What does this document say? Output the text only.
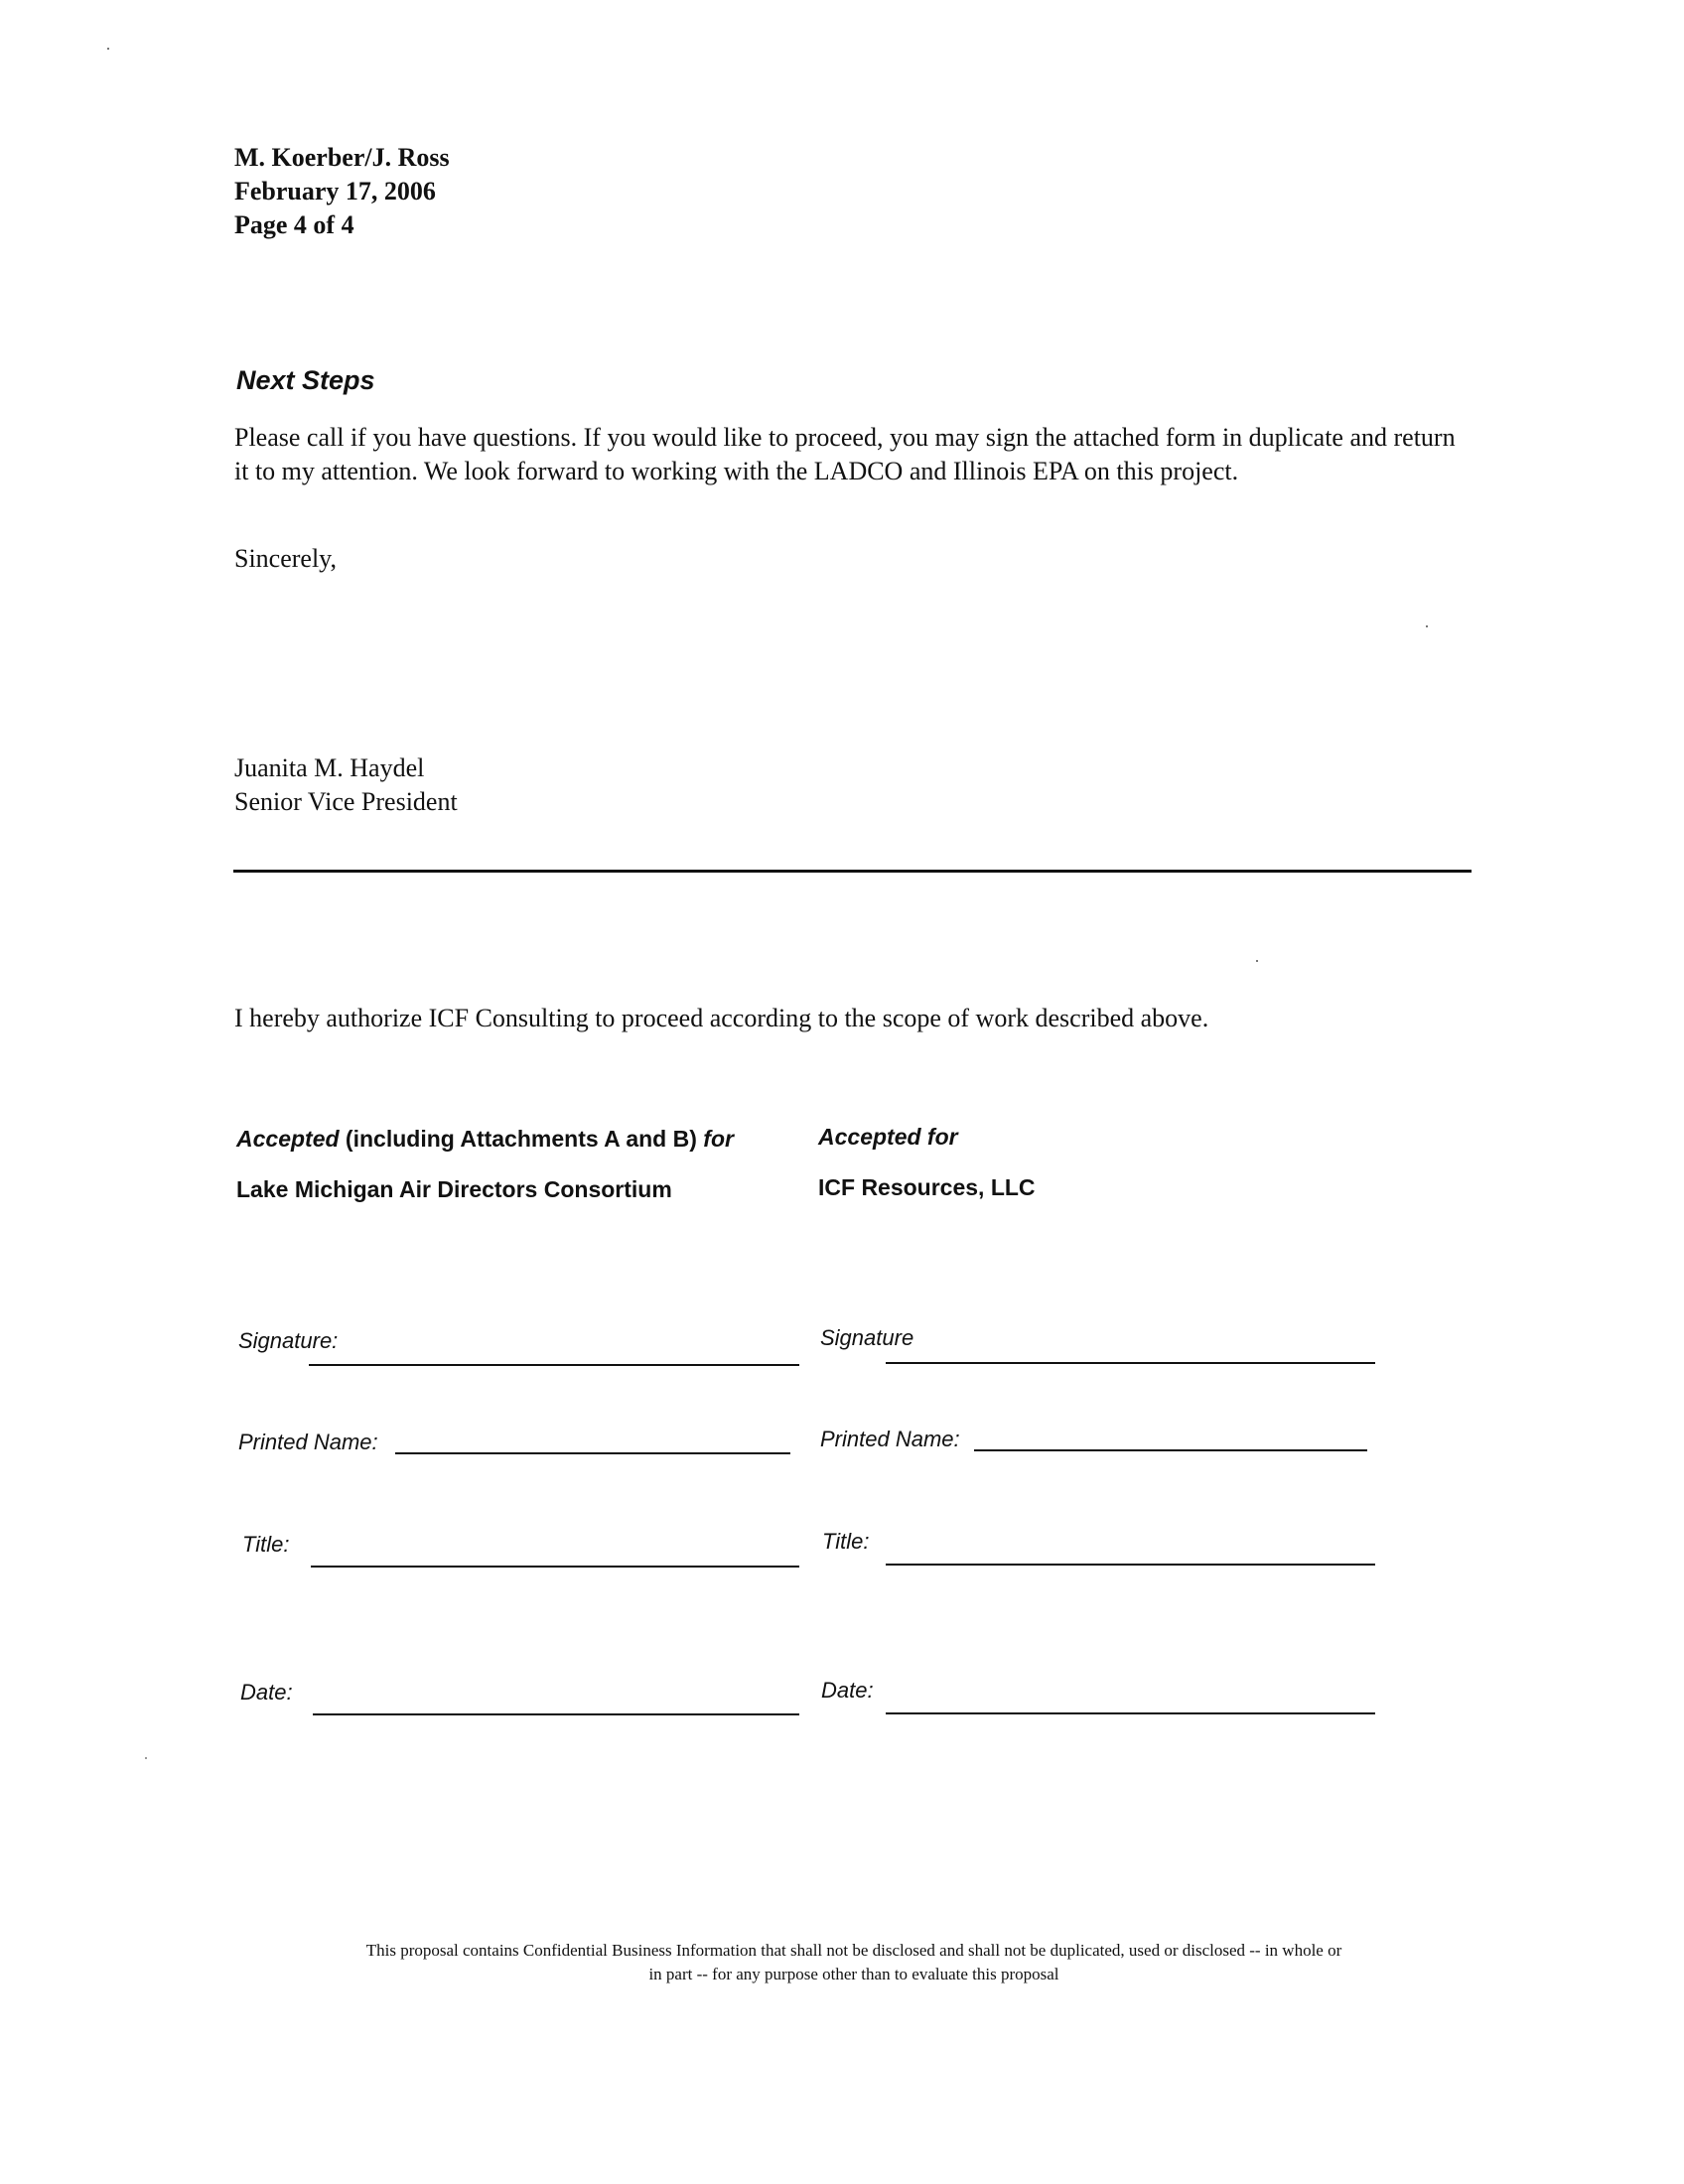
M. Koerber/J. Ross
February 17, 2006
Page 4 of 4
Next Steps

Please call if you have questions. If you would like to proceed, you may sign the attached form in duplicate and return it to my attention. We look forward to working with the LADCO and Illinois EPA on this project.

Sincerely,
Juanita M. Haydel
Senior Vice President
I hereby authorize ICF Consulting to proceed according to the scope of work described above.
Accepted (including Attachments A and B) for
Lake Michigan Air Directors Consortium
Accepted for
ICF Resources, LLC
Signature:
Printed Name:
Title:
Date:
Signature
Printed Name:
Title:
Date:
This proposal contains Confidential Business Information that shall not be disclosed and shall not be duplicated, used or disclosed -- in whole or
in part -- for any purpose other than to evaluate this proposal
